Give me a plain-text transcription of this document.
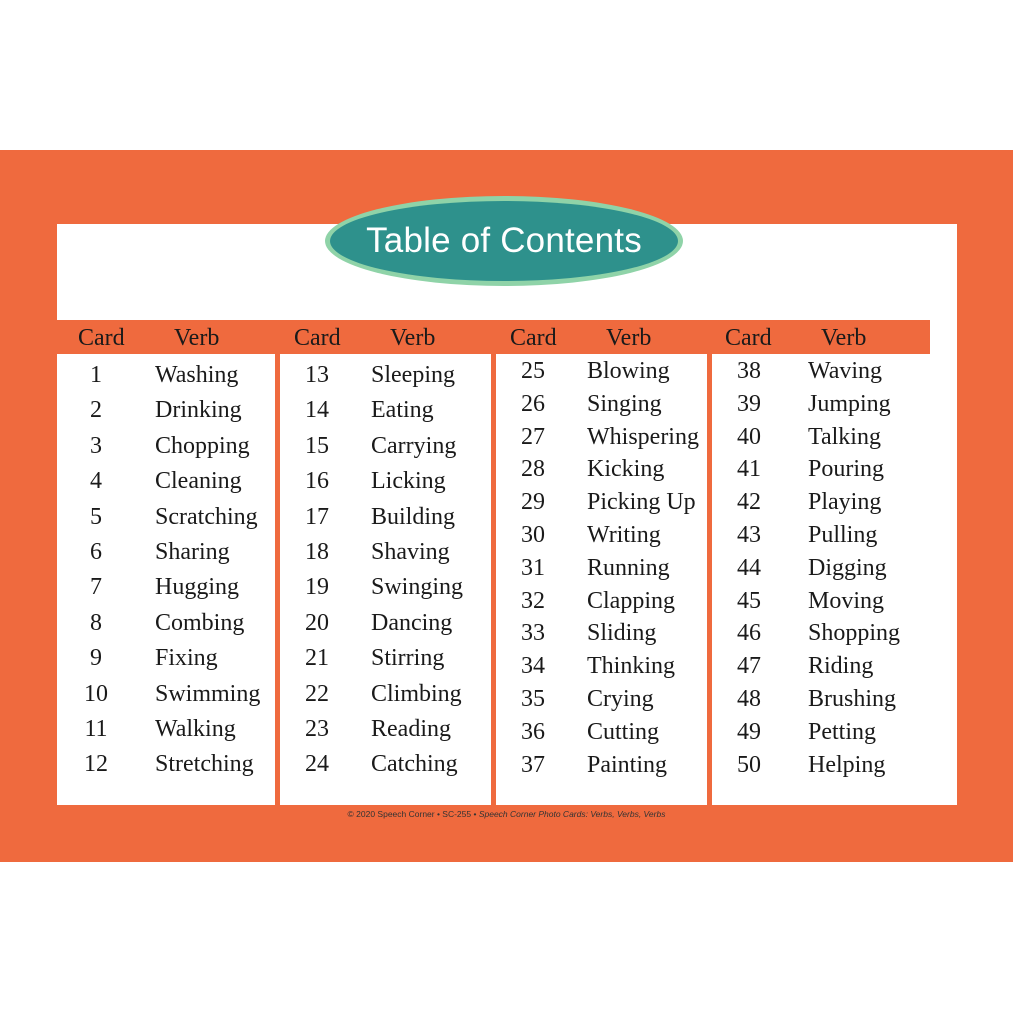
Table of Contents
Card Verb	Card Verb	Card Verb	Card Verb
1	Washing
2	Drinking
3	Chopping
4	Cleaning
5	Scratching
6	Sharing
7	Hugging
8	Combing
9	Fixing
10	Swimming
11	Walking
12	Stretching
13	Sleeping
14	Eating
15	Carrying
16	Licking
17	Building
18	Shaving
19	Swinging
20	Dancing
21	Stirring
22	Climbing
23	Reading
24	Catching
25	Blowing
26	Singing
27	Whispering
28	Kicking
29	Picking Up
30	Writing
31	Running
32	Clapping
33	Sliding
34	Thinking
35	Crying
36	Cutting
37	Painting
38	Waving
39	Jumping
40	Talking
41	Pouring
42	Playing
43	Pulling
44	Digging
45	Moving
46	Shopping
47	Riding
48	Brushing
49	Petting
50	Helping
© 2020 Speech Corner • SC-255 • Speech Corner Photo Cards: Verbs, Verbs, Verbs
